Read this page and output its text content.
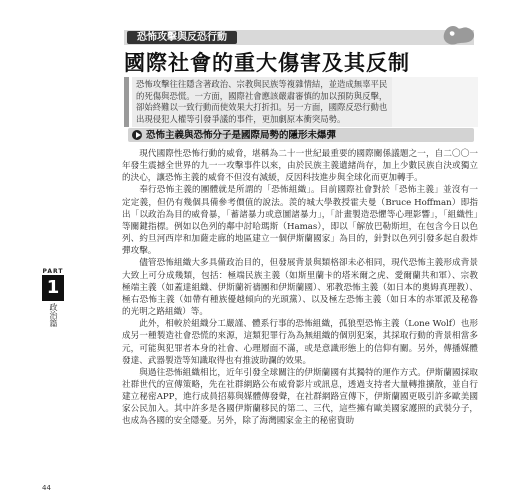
恐怖攻擊與反恐行動
國際社會的重大傷害及其反制
恐怖攻擊往往隱含著政治、宗教與民族等複雜情結，並造成無辜平民的死傷與恐慌。一方面，國際社會應該嚴肅審慎的加以預防與反擊，卻始終難以一致行動而使效果大打折扣。另一方面，國際反恐行動也出現侵犯人權等引發爭議的事件，更加劇原本衝突局勢。
恐怖主義與恐怖分子是國際局勢的隱形未爆彈

現代國際性恐怖行動的威脅，堪稱為二十一世紀最重要的國際關係議題之一，自二〇〇一年發生震撼全世界的九一一攻擊事件以來，由於民族主義遺緒尚存，加上少數民族自決或獨立的決心，讓恐怖主義的威脅不但沒有減緩，反因科技進步與全球化而更加轉手。

奉行恐怖主義的團體就是所謂的「恐怖組織」。目前國際社會對於「恐怖主義」並沒有一定定義，但仍有幾個具備參考價值的說法。羨的城大學教授霍夫曼（Bruce Hoffman）即指出「以政治為目的威脅暴，「蓄諸暴力或意圖諸暴力」，「計畫製造恐懼等心理影響」，「組織性」等關鍵指標。例如以色列的鄰中討哈瑪斯（Hamas），即以「解放巴勒斯坦，在包含今日以色列、約旦河西岸和加薩走廊的地區建立一個伊斯蘭國家」為目的，針對以色列引發多起自殺炸彈攻擊。

儘管恐怖組織大多具備政治目的，但發展背景與類格卻未必相同，現代恐怖主義形成背景大致上可分成幾類，包括：極端民族主義（如斯里蘭卡的塔米爾之虎、愛爾蘭共和軍）、宗教極端主義（如蓋達組織、伊斯蘭祈禱團和伊斯蘭國）、邪教恐怖主義（如日本的奧姆真理教）、極右恐怖主義（如帶有種族優越傾向的光頭黨）、以及極左恐怖主義（如日本的赤軍派及秘魯的光明之路組織）等。

此外，相較於組織分工嚴謹、體系行事的恐怖組織，孤狼型恐怖主義（Lone Wolf）也形成另一種製造社會恐慌的來源，這類犯罪行為為無組織的個別犯案，其採取行動的背景相當多元，可能與犯罪者本身的社會、心理層面不滿，或是意識形態上的信仰有關。另外，傳播媒體發達、武器製造等知識取得也有推波助瀾的效果。

與過往恐怖組織相比，近年引發全球關注的伊斯蘭國有其獨特的運作方式。伊斯蘭國採取社群世代的宣傳策略，先在社群網路公布威脅影片或訊息，透過支持者大量轉推擴散，並自行建立秘密APP，進行成員招募與媒體傳發聲，在社群網路宣傳下，伊斯蘭國更吸引許多歐美國家公民加入。其中許多是各國伊斯蘭移民的第二、三代，這些擁有歐美國家護照的武裝分子，也成為各國的安全隱憂。另外，除了海灣國家金主的秘密資助

PART
1
政治篇
44
